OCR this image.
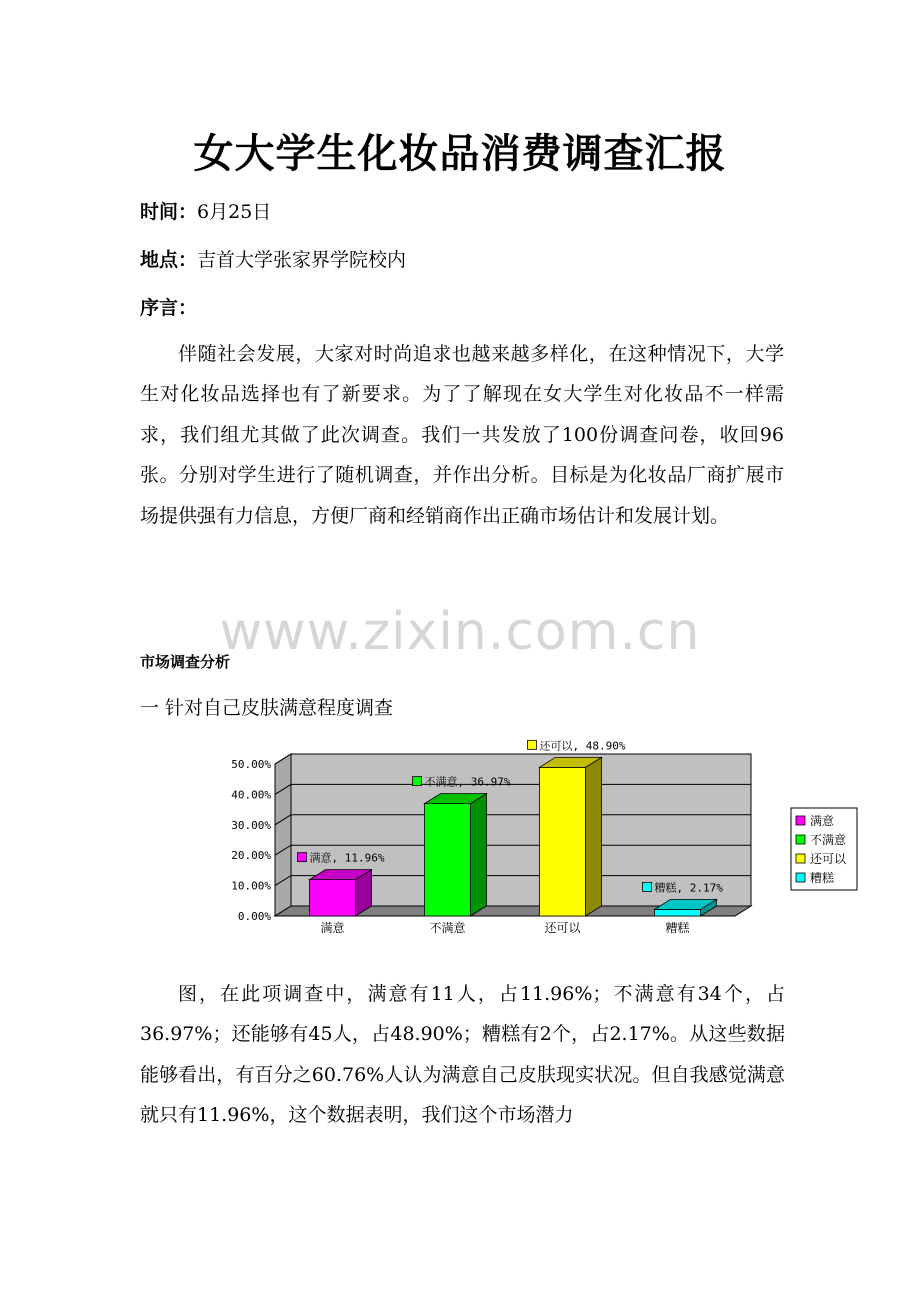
女大学生化妆品消费调查汇报
时间：6月25日
地点：吉首大学张家界学院校内
序言：

伴随社会发展，大家对时尚追求也越来越多样化，在这种情况下，大学生对化妆品选择也有了新要求。为了了解现在女大学生对化妆品不一样需求，我们组尤其做了此次调查。我们一共发放了100份调查问卷，收回96张。分别对学生进行了随机调查，并作出分析。目标是为化妆品厂商扩展市场提供强有力信息，方便厂商和经销商作出正确市场估计和发展计划。

www.zixin.com.cn
市场调查分析
一 针对自己皮肤满意程度调查
0.00%
10.00%
20.00%
30.00%
40.00%
50.00%
满意
满意, 11.96%
不满意
不满意, 36.97%
还可以
还可以, 48.90%
糟糕
糟糕, 2.17%
满意
不满意
还可以
糟糕

图，在此项调查中，满意有11人，占11.96%；不满意有34个，占36.97%；还能够有45人，占48.90%；糟糕有2个，占2.17%。从这些数据能够看出，有百分之60.76%人认为满意自己皮肤现实状况。但自我感觉满意就只有11.96%，这个数据表明，我们这个市场潜力
